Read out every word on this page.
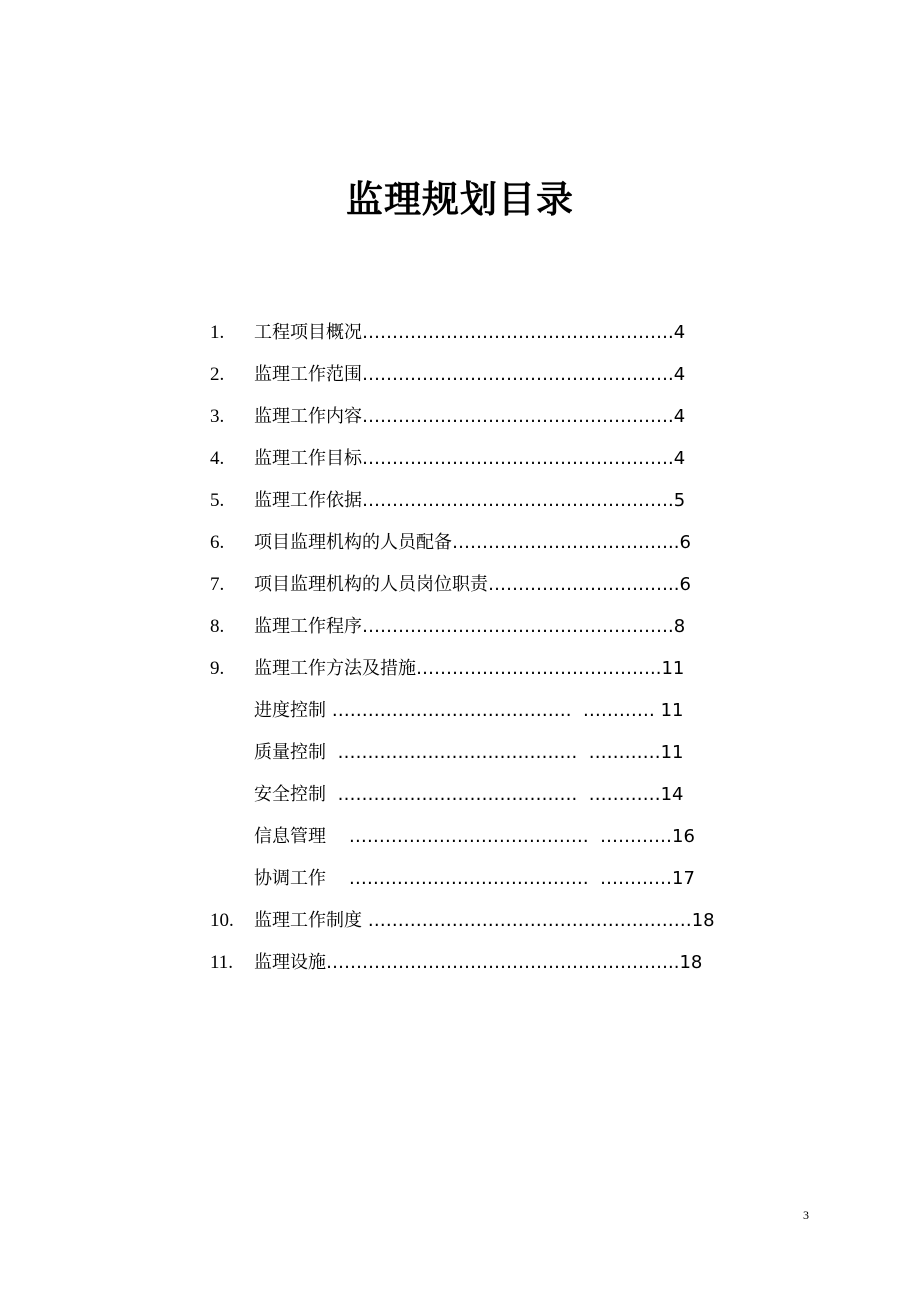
监理规划目录

1.

工程项目概况…………………………………………….4

2.

监理工作范围…………………………………………….4

3.

监理工作内容…………………………………………….4

4.

监理工作目标…………………………………………….4

5.

监理工作依据…………………………………………….5

6.

项目监理机构的人员配备………………………………..6

7.

项目监理机构的人员岗位职责…………………………..6

8.

监理工作程序…………………………………………….8

9.

监理工作方法及措施…………………………………..11

进度控制 ………………………………….  ………… 11

质量控制  ………………………………….  …………11

安全控制  ………………………………….  …………14

信息管理    ………………………………….  …………16

协调工作    ………………………………….  …………17

10.

监理工作制度 ………………………………………………18

11.

监理设施…………………………………………………..18

3
